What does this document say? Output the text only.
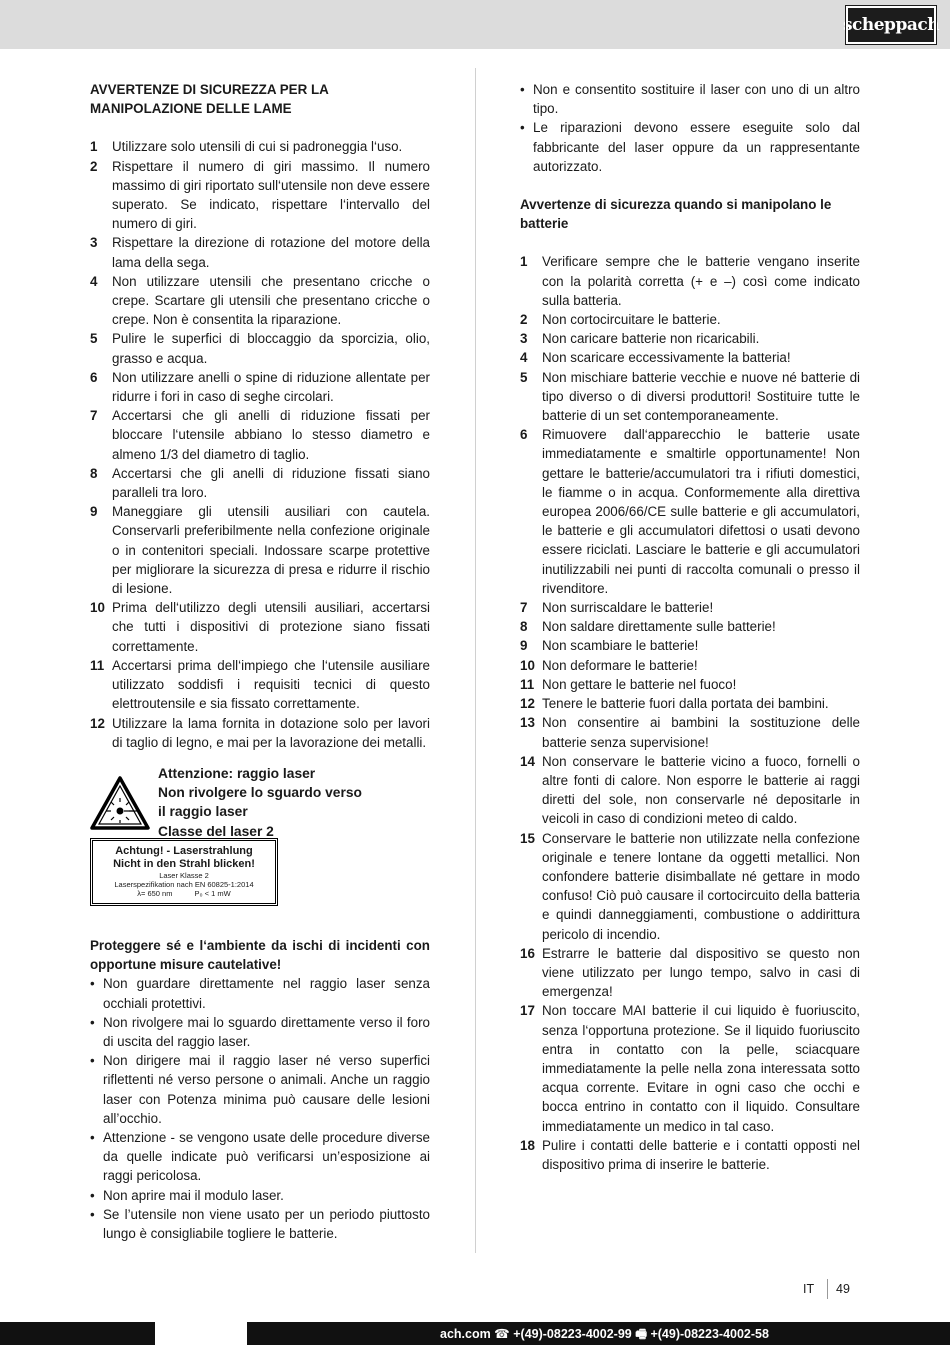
scheppach

AVVERTENZE DI SICUREZZA PER LA MANIPOLAZIONE DELLE LAME

1	Utilizzare solo utensili di cui si padroneggia l‘uso.
2	Rispettare il numero di giri massimo. Il numero massimo di giri riportato sull‘utensile non deve essere superato. Se indicato, rispettare l‘intervallo del numero di giri.
3	Rispettare la direzione di rotazione del motore della lama della sega.
4	Non utilizzare utensili che presentano cricche o crepe. Scartare gli utensili che presentano cricche o crepe. Non è consentita la riparazione.
5	Pulire le superfici di bloccaggio da sporcizia, olio, grasso e acqua.
6	Non utilizzare anelli o spine di riduzione allentate per ridurre i fori in caso di seghe circolari.
7	Accertarsi che gli anelli di riduzione fissati per bloccare l‘utensile abbiano lo stesso diametro e almeno 1/3 del diametro di taglio.
8	Accertarsi che gli anelli di riduzione fissati siano paralleli tra loro.
9	Maneggiare gli utensili ausiliari con cautela. Conservarli preferibilmente nella confezione originale o in contenitori speciali. Indossare scarpe protettive per migliorare la sicurezza di presa e ridurre il rischio di lesione.
10 Prima dell‘utilizzo degli utensili ausiliari, accertarsi che tutti i dispositivi di protezione siano fissati correttamente.
11 Accertarsi prima dell‘impiego che l‘utensile ausiliare utilizzato soddisfi i requisiti tecnici di questo elettroutensile e sia fissato correttamente.
12 Utilizzare la lama fornita in dotazione solo per lavori di taglio di legno, e mai per la lavorazione dei metalli.
Attenzione: raggio laser
Non rivolgere lo sguardo verso
il raggio laser
Classe del laser 2
Achtung! - Laserstrahlung
Nicht in den Strahl blicken!
Laser Klasse 2
Laserspezifikation nach EN 60825-1:2014
λ= 650 nm	P₀ < 1 mW

Proteggere sé e l‘ambiente da ischi di incidenti con opportune misure cautelative!

• Non guardare direttamente nel raggio laser senza occhiali protettivi.
• Non rivolgere mai lo sguardo direttamente verso il foro di uscita del raggio laser.
• Non dirigere mai il raggio laser né verso superfici riflettenti né verso persone o animali. Anche un raggio laser con Potenza minima può causare delle lesioni all’occhio.
• Attenzione - se vengono usate delle procedure diverse da quelle indicate può verificarsi un’esposizione ai raggi pericolosa.
• Non aprire mai il modulo laser.
• Se l’utensile non viene usato per un periodo piuttosto lungo è consigliabile togliere le batterie.
• Non e consentito sostituire il laser con uno di un altro tipo.
• Le riparazioni devono essere eseguite solo dal fabbricante del laser oppure da un rappresentante autorizzato.

Avvertenze di sicurezza quando si manipolano le batterie

1	Verificare sempre che le batterie vengano inserite con la polarità corretta (+ e –) così come indicato sulla batteria.
2	Non cortocircuitare le batterie.
3	Non caricare batterie non ricaricabili.
4	Non scaricare eccessivamente la batteria!
5	Non mischiare batterie vecchie e nuove né batterie di tipo diverso o di diversi produttori! Sostituire tutte le batterie di un set contemporaneamente.
6	Rimuovere dall‘apparecchio le batterie usate immediatamente e smaltirle opportunamente! Non gettare le batterie/accumulatori tra i rifiuti domestici, le fiamme o in acqua. Conformemente alla direttiva europea 2006/66/CE sulle batterie e gli accumulatori, le batterie e gli accumulatori difettosi o usati devono essere riciclati. Lasciare le batterie e gli accumulatori inutilizzabili nei punti di raccolta comunali o presso il rivenditore.
7	Non surriscaldare le batterie!
8	Non saldare direttamente sulle batterie!
9	Non scambiare le batterie!
10 Non deformare le batterie!
11 Non gettare le batterie nel fuoco!
12 Tenere le batterie fuori dalla portata dei bambini.
13 Non consentire ai bambini la sostituzione delle batterie senza supervisione!
14 Non conservare le batterie vicino a fuoco, fornelli o altre fonti di calore. Non esporre le batterie ai raggi diretti del sole, non conservarle né depositarle in veicoli in caso di condizioni meteo di caldo.
15 Conservare le batterie non utilizzate nella confezione originale e tenere lontane da oggetti metallici. Non confondere batterie disimballate né gettare in modo confuso! Ciò può causare il cortocircuito della batteria e quindi danneggiamenti, combustione o addirittura pericolo di incendio.
16 Estrarre le batterie dal dispositivo se questo non viene utilizzato per lungo tempo, salvo in casi di emergenza!
17 Non toccare MAI batterie il cui liquido è fuoriuscito, senza l‘opportuna protezione. Se il liquido fuoriuscito entra in contatto con la pelle, sciacquare immediatamente la pelle nella zona interessata sotto acqua corrente. Evitare in ogni caso che occhi e bocca entrino in contatto con il liquido. Consultare immediatamente un medico in tal caso.
18 Pulire i contatti delle batterie e i contatti opposti nel dispositivo prima di inserire le batterie.
IT 49
ach.com ☎ +(49)-08223-4002-99 🖷 +(49)-08223-4002-58
